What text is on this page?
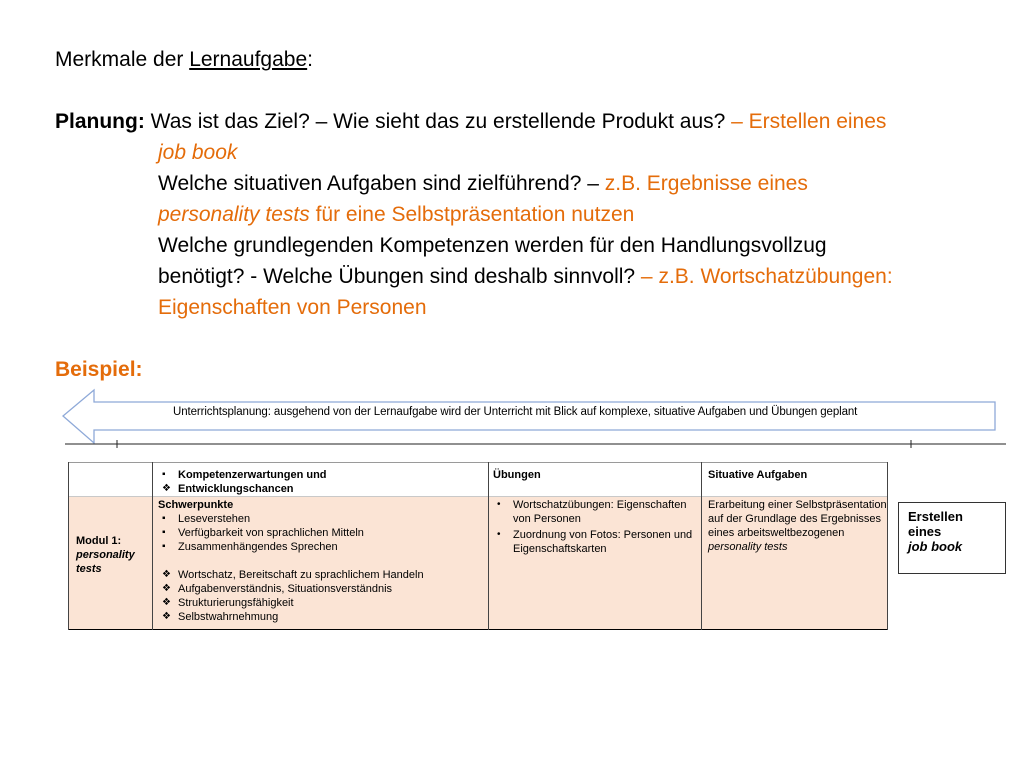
Merkmale der Lernaufgabe:
Planung: Was ist das Ziel? – Wie sieht das zu erstellende Produkt aus? – Erstellen eines
job book
Welche situativen Aufgaben sind zielführend? – z.B. Ergebnisse eines
personality tests für eine Selbstpräsentation nutzen
Welche grundlegenden Kompetenzen werden für den Handlungsvollzug
benötigt? - Welche Übungen sind deshalb sinnvoll? – z.B. Wortschatzübungen:
Eigenschaften von Personen
Beispiel:
Unterrichtsplanung: ausgehend von der Lernaufgabe wird der Unterricht mit Blick auf komplexe, situative Aufgaben und Übungen geplant
▪ Kompetenzerwartungen und
❖ Entwicklungschancen
Übungen	Situative Aufgaben
Modul 1:
personality
tests
Schwerpunkte
▪ Leseverstehen
▪ Verfügbarkeit von sprachlichen Mitteln
▪ Zusammenhängendes Sprechen
❖ Wortschatz, Bereitschaft zu sprachlichem Handeln
❖ Aufgabenverständnis, Situationsverständnis
❖ Strukturierungsfähigkeit
❖ Selbstwahrnehmung
• Wortschatzübungen: Eigenschaften
von Personen
• Zuordnung von Fotos: Personen und
Eigenschaftskarten
Erarbeitung einer Selbstpräsentation
auf der Grundlage des Ergebnisses
eines arbeitsweltbezogenen
personality tests
Erstellen
eines
job book
